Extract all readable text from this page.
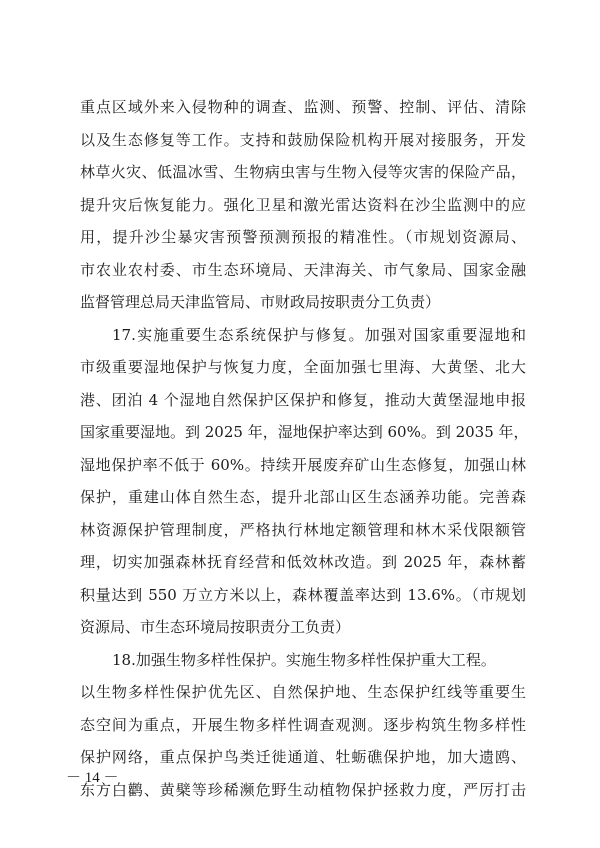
重点区域外来入侵物种的调查、监测、预警、控制、评估、清除
以及生态修复等工作。支持和鼓励保险机构开展对接服务，开发
林草火灾、低温冰雪、生物病虫害与生物入侵等灾害的保险产品，
提升灾后恢复能力。强化卫星和激光雷达资料在沙尘监测中的应
用，提升沙尘暴灾害预警预测预报的精准性。（市规划资源局、
市农业农村委、市生态环境局、天津海关、市气象局、国家金融
监督管理总局天津监管局、市财政局按职责分工负责）
17.实施重要生态系统保护与修复。加强对国家重要湿地和
市级重要湿地保护与恢复力度，全面加强七里海、大黄堡、北大
港、团泊 4 个湿地自然保护区保护和修复，推动大黄堡湿地申报
国家重要湿地。到 2025 年，湿地保护率达到 60%。到 2035 年，
湿地保护率不低于 60%。持续开展废弃矿山生态修复，加强山林
保护，重建山体自然生态，提升北部山区生态涵养功能。完善森
林资源保护管理制度，严格执行林地定额管理和林木采伐限额管
理，切实加强森林抚育经营和低效林改造。到 2025 年，森林蓄
积量达到 550 万立方米以上，森林覆盖率达到 13.6%。（市规划
资源局、市生态环境局按职责分工负责）
18.加强生物多样性保护。实施生物多样性保护重大工程。
以生物多样性保护优先区、自然保护地、生态保护红线等重要生
态空间为重点，开展生物多样性调查观测。逐步构筑生物多样性
保护网络，重点保护鸟类迁徙通道、牡蛎礁保护地，加大遗鸥、
东方白鹳、黄檗等珍稀濒危野生动植物保护拯救力度，严厉打击
－ 14 －
